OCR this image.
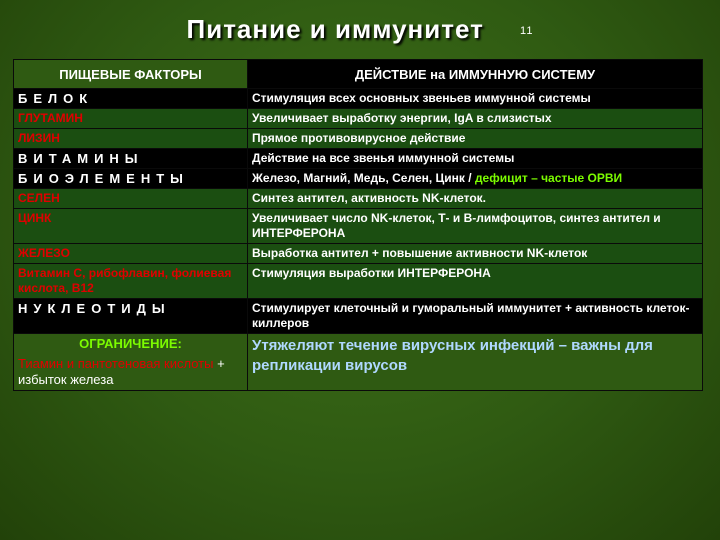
Питание и иммунитет	11
ПИЩЕВЫЕ ФАКТОРЫ	ДЕЙСТВИЕ на ИММУННУЮ СИСТЕМУ
БЕЛОК	Стимуляция всех основных звеньев иммунной системы
ГЛУТАМИН	Увеличивает выработку энергии, IgA в слизистых
ЛИЗИН	Прямое противовирусное действие
ВИТАМИНЫ	Действие на все звенья иммунной системы
БИОЭЛЕМЕНТЫ	Железо, Магний, Медь, Селен, Цинк / дефицит – частые ОРВИ
СЕЛЕН	Синтез антител, активность NK-клеток.
ЦИНК	Увеличивает число NK-клеток, Т- и В-лимфоцитов, синтез антител и ИНТЕРФЕРОНА
ЖЕЛЕЗО	Выработка антител + повышение активности NK-клеток
Витамин С, рибофлавин, фолиевая кислота, В12	Стимуляция выработки ИНТЕРФЕРОНА
НУКЛЕОТИДЫ	Стимулирует клеточный и гуморальный иммунитет + активность клеток-киллеров

ОГРАНИЧЕНИЕ:
Тиамин и пантотеновая кислоты + избыток железа	Утяжеляют течение вирусных инфекций – важны для репликации вирусов
